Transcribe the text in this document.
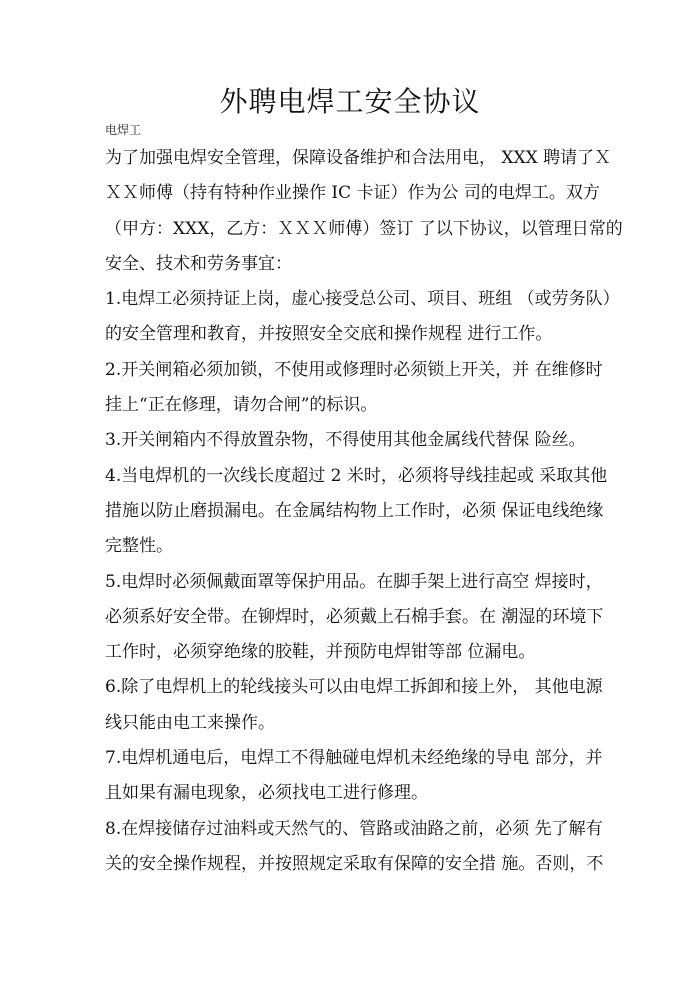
外聘电焊工安全协议
电焊工
为了加强电焊安全管理，保障设备维护和合法用电， XXX 聘请了Ｘ
ＸＸ师傅（持有特种作业操作 IC 卡证）作为公 司的电焊工。双方
（甲方：XXX，乙方：ＸＸＸ师傅）签订 了以下协议，以管理日常的
安全、技术和劳务事宜：
1.电焊工必须持证上岗，虚心接受总公司、项目、班组 （或劳务队）
的安全管理和教育，并按照安全交底和操作规程 进行工作。
2.开关闸箱必须加锁，不使用或修理时必须锁上开关，并 在维修时
挂上“正在修理，请勿合闸”的标识。
3.开关闸箱内不得放置杂物，不得使用其他金属线代替保 险丝。
4.当电焊机的一次线长度超过 2 米时，必须将导线挂起或 采取其他
措施以防止磨损漏电。在金属结构物上工作时，必须 保证电线绝缘
完整性。
5.电焊时必须佩戴面罩等保护用品。在脚手架上进行高空 焊接时，
必须系好安全带。在铆焊时，必须戴上石棉手套。在 潮湿的环境下
工作时，必须穿绝缘的胶鞋，并预防电焊钳等部 位漏电。
6.除了电焊机上的轮线接头可以由电焊工拆卸和接上外， 其他电源
线只能由电工来操作。
7.电焊机通电后，电焊工不得触碰电焊机未经绝缘的导电 部分，并
且如果有漏电现象，必须找电工进行修理。
8.在焊接储存过油料或天然气的、管路或油路之前，必须 先了解有
关的安全操作规程，并按照规定采取有保障的安全措 施。否则，不
